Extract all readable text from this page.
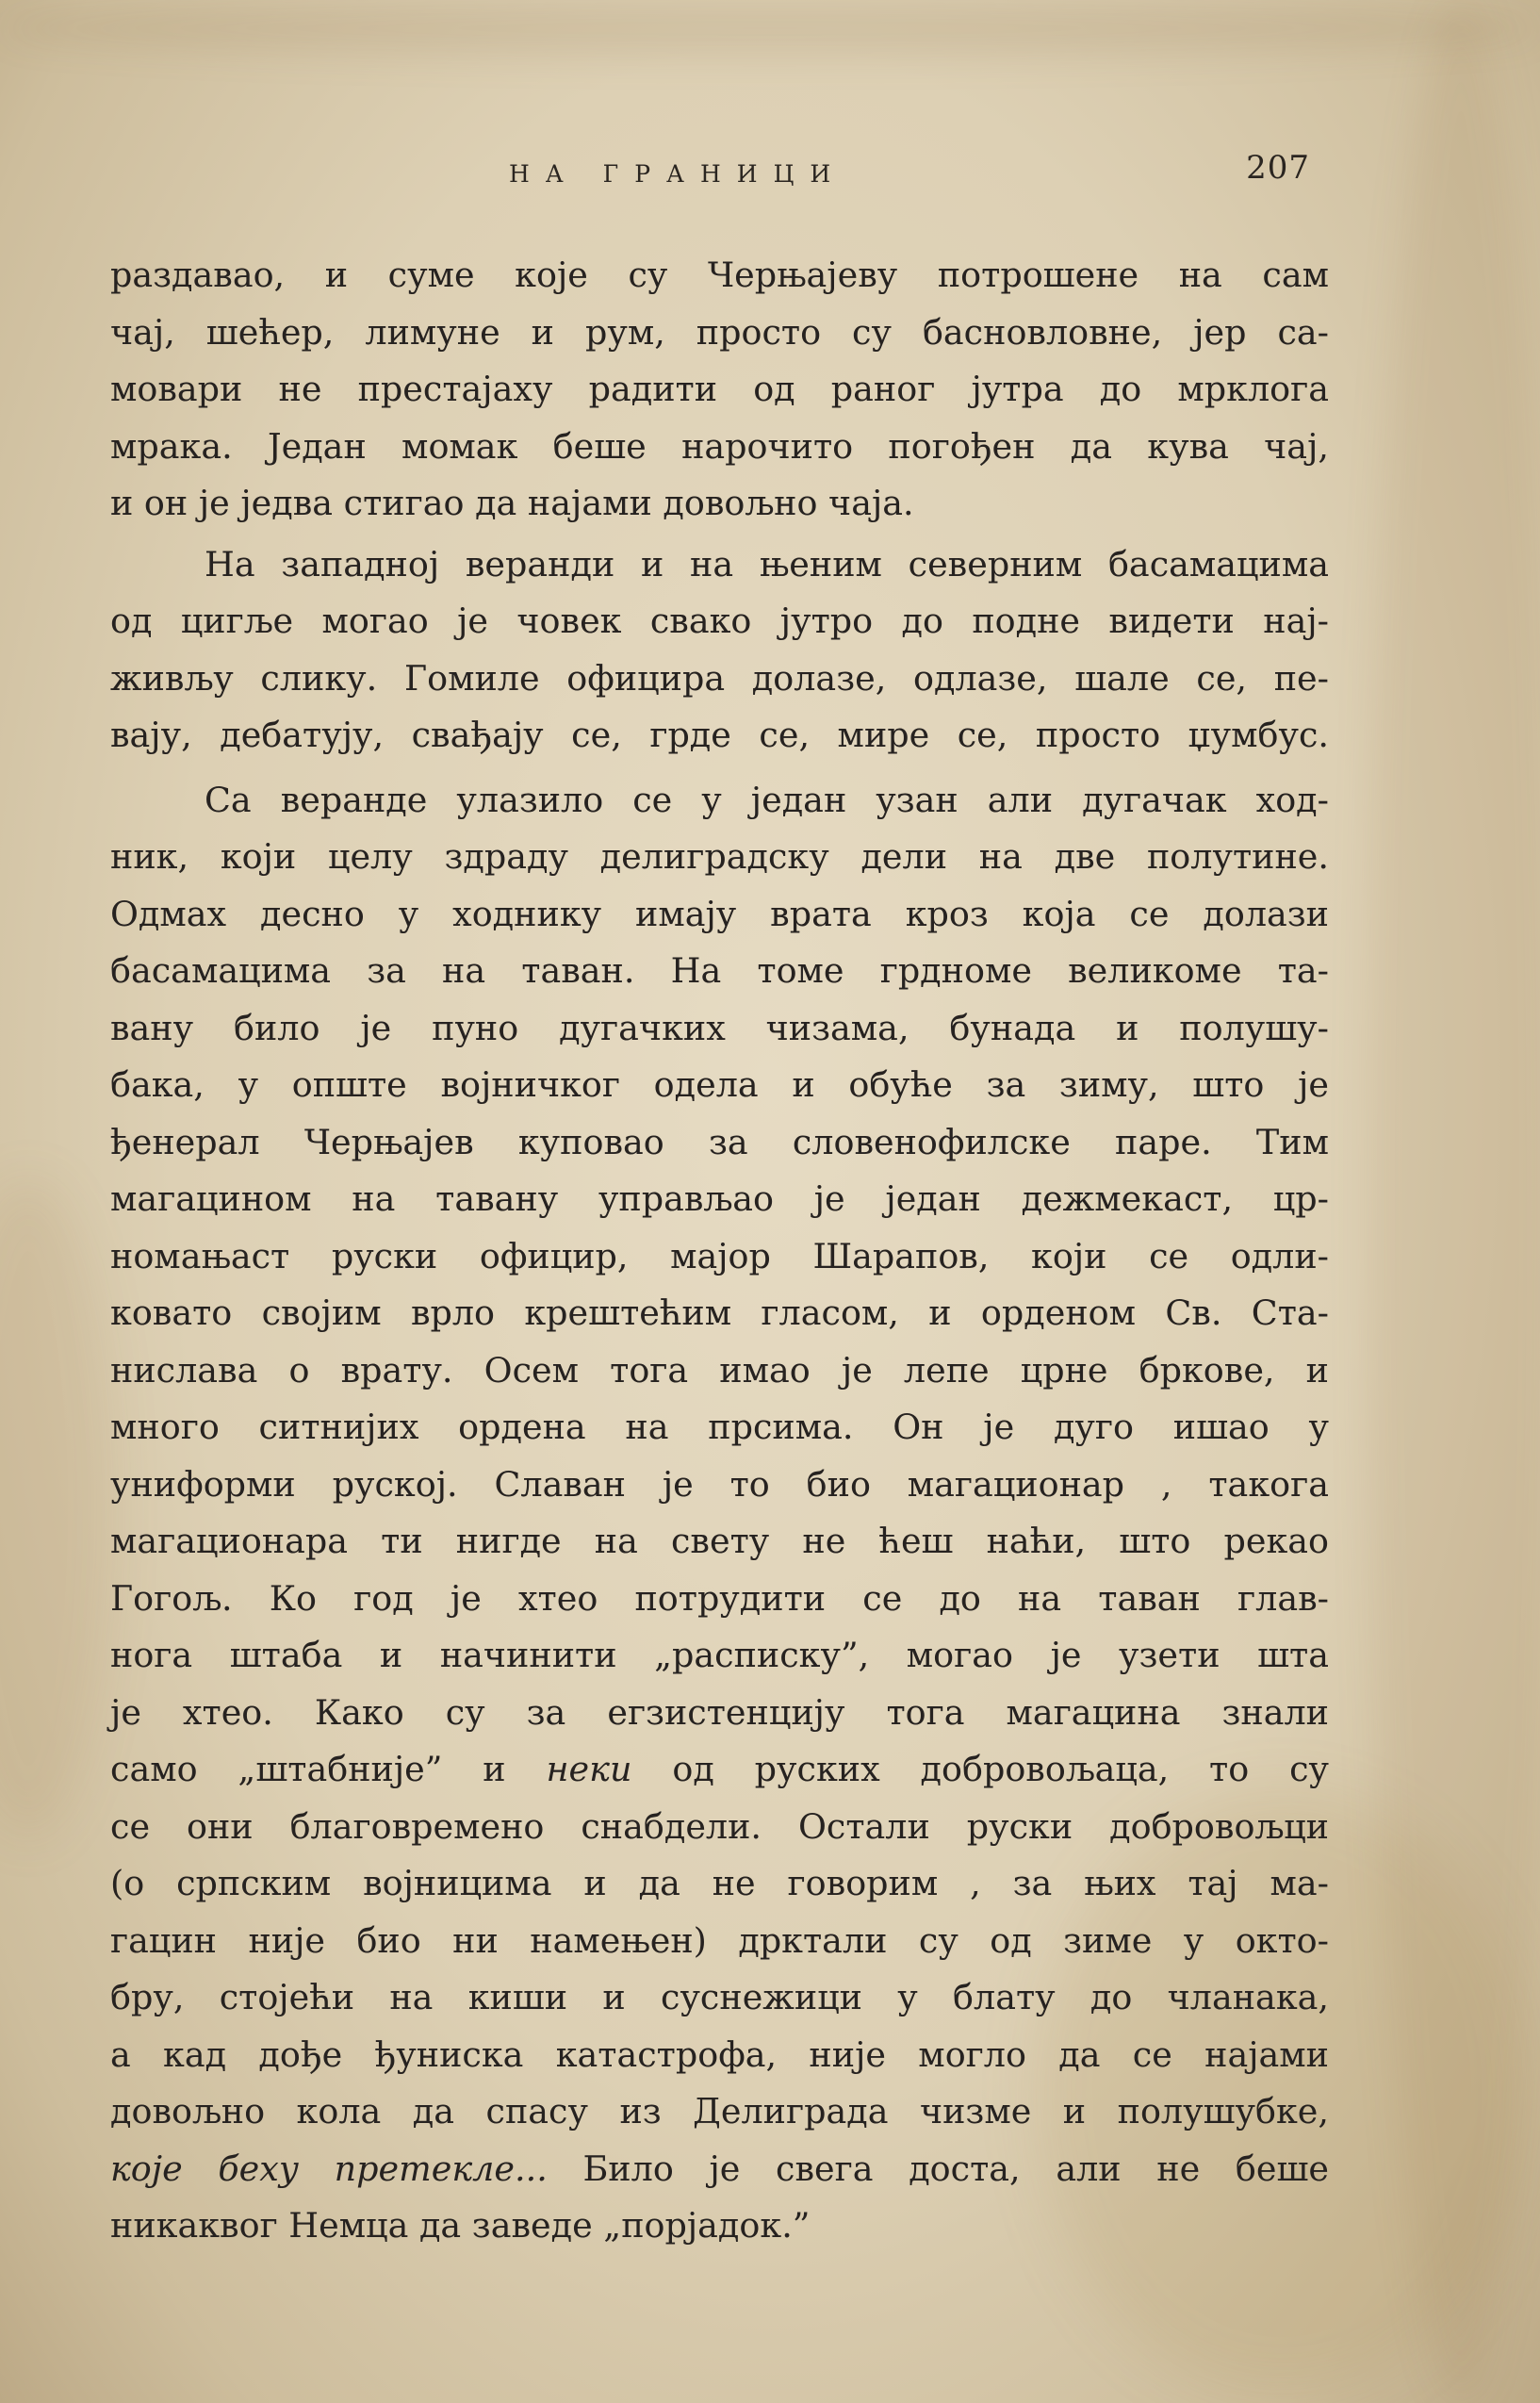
НА ГРАНИЦИ	207
раздавао, и суме које су Черњајеву потрошене на сам
чај, шећер, лимуне и рум, просто су басновловне, јер са-
мовари не престајаху радити од раног јутра до мрклога
мрака. Један момак беше нарочито погођен да кува чај,
и он је једва стигао да најами довољно чаја.
На западној веранди и на њеним северним басамацима
од цигље могао је човек свако јутро до подне видети нај-
живљу слику. Гомиле официра долазе, одлазе, шале се, пе-
вају, дебатују, свађају се, грде се, мире се, просто џумбус.
Са веранде улазило се у један узан али дугачак ход-
ник, који целу здраду делиградску дели на две полутине.
Одмах десно у ходнику имају врата кроз која се долази
басамацима за на таван. На томе грдноме великоме та-
вану било је пуно дугачких чизама, бунада и полушу-
бака, у опште војничког одела и обуће за зиму, што је
ђенерал Черњајев куповао за словенофилске паре. Тим
магацином на тавану управљао је један дежмекаст, цр-
номањаст руски официр, мајор Шарапов, који се одли-
ковато својим врло крештећим гласом, и орденом Св. Ста-
нислава о врату. Осем тога имао је лепе црне бркове, и
много ситнијих ордена на прсима. Он је дуго ишао у
униформи руској. Славан је то био магационар , такога
магационара ти нигде на свету не ћеш наћи, што рекао
Гогољ. Ко год је хтео потрудити се до на таван глав-
нога штаба и начинити „расписку”, могао је узети шта
је хтео. Како су за егзистенцију тога магацина знали
само „штабније” и неки од руских добровољаца, то су
се они благовремено снабдели. Остали руски добровољци
(о српским војницима и да не говорим , за њих тај ма-
гацин није био ни намењен) дрктали су од зиме у окто-
бру, стојећи на киши и суснежици у блату до чланака,
а кад дође ђуниска катастрофа, није могло да се најами
довољно кола да спасу из Делиграда чизме и полушубке,
које беху претекле... Било је свега доста, али не беше
никаквог Немца да заведе „порјадок.”
